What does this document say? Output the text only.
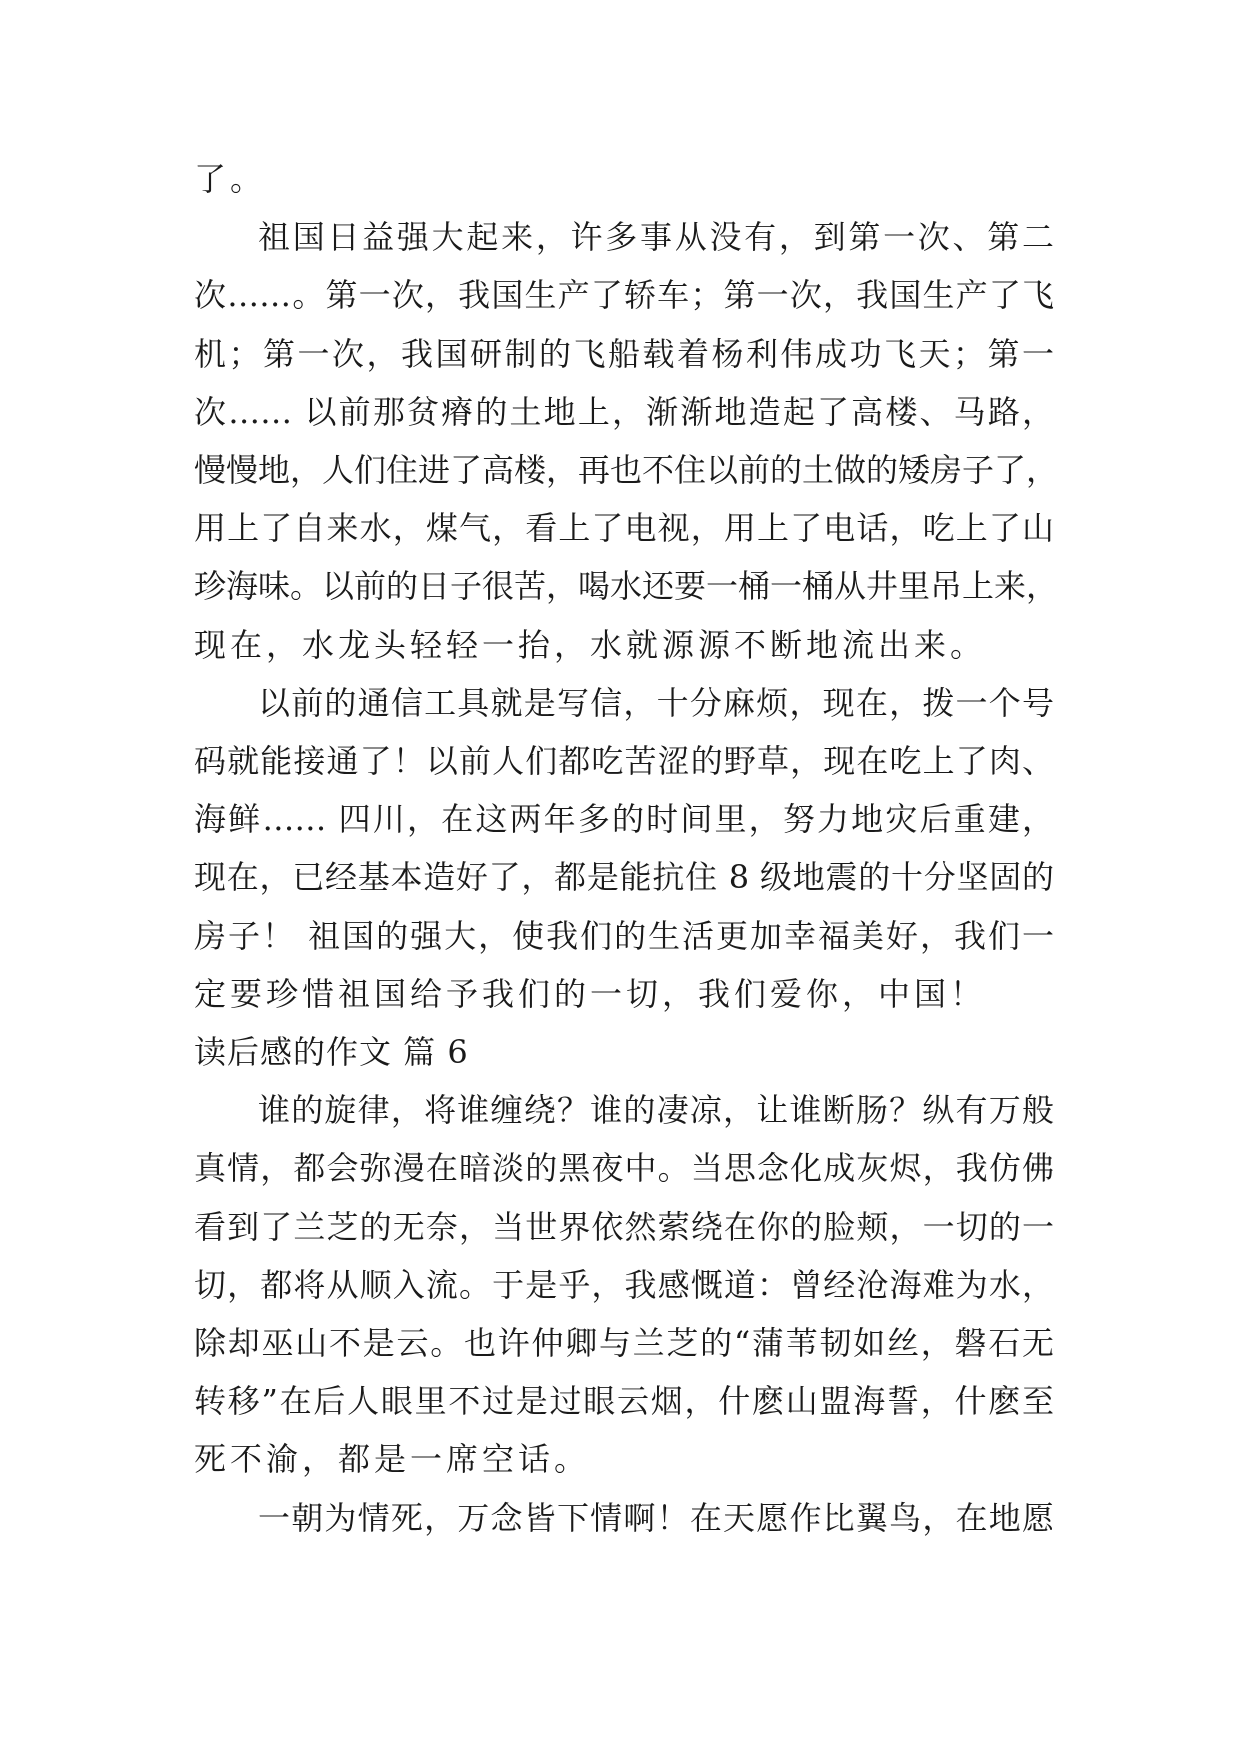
了。
祖国日益强大起来，许多事从没有，到第一次、第二
次……。第一次，我国生产了轿车；第一次，我国生产了飞
机；第一次，我国研制的飞船载着杨利伟成功飞天；第一
次…… 以前那贫瘠的土地上，渐渐地造起了高楼、马路，
慢慢地，人们住进了高楼，再也不住以前的土做的矮房子了，
用上了自来水，煤气，看上了电视，用上了电话，吃上了山
珍海味。以前的日子很苦，喝水还要一桶一桶从井里吊上来，
现在，水龙头轻轻一抬，水就源源不断地流出来。
以前的通信工具就是写信，十分麻烦，现在，拨一个号
码就能接通了！以前人们都吃苦涩的野草，现在吃上了肉、
海鲜…… 四川，在这两年多的时间里，努力地灾后重建，
现在，已经基本造好了，都是能抗住 8 级地震的十分坚固的
房子！ 祖国的强大，使我们的生活更加幸福美好，我们一
定要珍惜祖国给予我们的一切，我们爱你，中国！
读后感的作文 篇 6
谁的旋律，将谁缠绕？谁的凄凉，让谁断肠？纵有万般
真情，都会弥漫在暗淡的黑夜中。当思念化成灰烬，我仿佛
看到了兰芝的无奈，当世界依然萦绕在你的脸颊，一切的一
切，都将从顺入流。于是乎，我感慨道：曾经沧海难为水，
除却巫山不是云。也许仲卿与兰芝的“蒲苇韧如丝，磐石无
转移”在后人眼里不过是过眼云烟，什麽山盟海誓，什麽至
死不渝，都是一席空话。
一朝为情死，万念皆下情啊！在天愿作比翼鸟，在地愿
